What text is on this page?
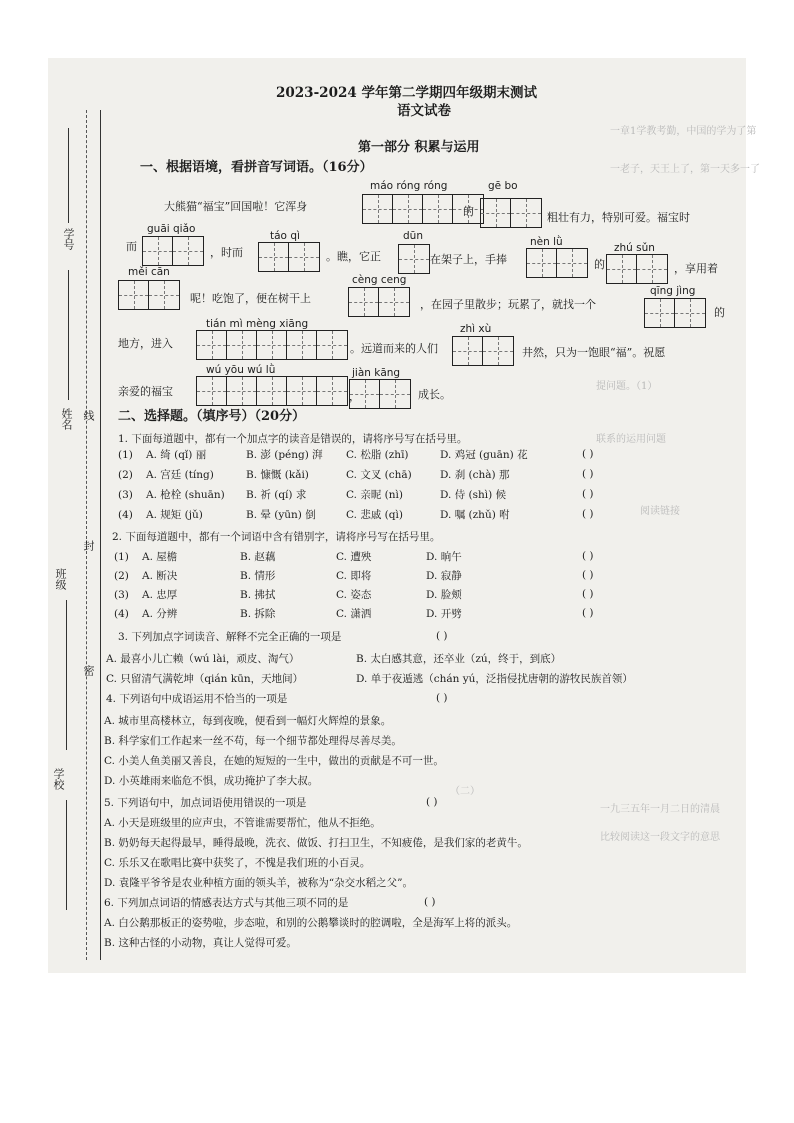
一章1学教考勤，中国的学为了第
一老子，天王上了，第一天多一了
提问题。（1）
联系的运用问题
阅读链接
（二）
一九三五年一月二日的清晨
比较阅读这一段文字的意思
学号
姓名 线
封
班级
密
学校
2023-2024 学年第二学期四年级期末测试
语文试卷
第一部分 积累与运用
一、根据语境，看拼音写词语。（16分）
máo róng róng	gē bo
大熊猫“福宝”回国啦！它浑身	的	粗壮有力，特别可爱。福宝时
guāi qiǎo
táo qì	dūn	nèn lǜ	zhú sǔn
而	，时而	。瞧，它正	在架子上，手捧	的	，享用着
měi cān
cèng ceng
qīng jìng
呢！吃饱了，便在树干上	，在园子里散步；玩累了，就找一个
的
tián mì mèng xiāng	zhì xù
地方，进入	。远道而来的人们	井然，只为一饱眼“福”。祝愿
wú yōu wú lǜ	jiàn kāng
亲爱的福宝	，	成长。
二、选择题。（填序号）（20分）
1. 下面每道题中，都有一个加点字的读音是错误的，请将序号写在括号里。
(1) A. 绮 (qǐ) 丽	B. 澎 (péng) 湃 C. 松脂 (zhī)	D. 鸡冠 (guān) 花	( )
(2) A. 宫廷 (tíng)	B. 慷慨 (kǎi)	C. 文叉 (chā)	D. 刹 (chà) 那	( )
(3) A. 枪栓 (shuān) B. 祈 (qí) 求	C. 亲昵 (nì)	D. 侍 (shì) 候	( )
(4) A. 规矩 (jǔ)	B. 晕 (yūn) 倒	C. 悲戚 (qì)	D. 嘱 (zhǔ) 咐	( )
2. 下面每道题中，都有一个词语中含有错别字，请将序号写在括号里。
(1) A. 屋檐	B. 赵藕	C. 遭殃	D. 晌午	( )
(2) A. 断决	B. 情形	C. 即将	D. 寂静	( )
(3) A. 忠厚	B. 拂拭	C. 姿态	D. 脸颊	( )
(4) A. 分辨	B. 拆除	C. 潇洒	D. 开劈	( )
3. 下列加点字词读音、解释不完全正确的一项是	( )
A. 最喜小儿亡赖（wú lài，顽皮、淘气）	B. 太白感其意，还卒业（zú，终于，到底）
C. 只留清气满乾坤（qián kūn，天地间）	D. 单于夜遁逃（chán yú，泛指侵扰唐朝的游牧民族首领）
4. 下列语句中成语运用不恰当的一项是	( )
A. 城市里高楼林立，每到夜晚，便看到一幅灯火辉煌的景象。
B. 科学家们工作起来一丝不苟，每一个细节都处理得尽善尽美。
C. 小美人鱼美丽又善良，在她的短短的一生中，做出的贡献是不可一世。
D. 小英雄雨来临危不惧，成功掩护了李大叔。
5. 下列语句中，加点词语使用错误的一项是	( )
A. 小天是班级里的应声虫，不管谁需要帮忙，他从不拒绝。
B. 奶奶每天起得最早，睡得最晚，洗衣、做饭、打扫卫生，不知疲倦，是我们家的老黄牛。
C. 乐乐又在歌唱比赛中获奖了，不愧是我们班的小百灵。
D. 袁隆平爷爷是农业种植方面的领头羊，被称为“杂交水稻之父”。
6. 下列加点词语的情感表达方式与其他三项不同的是	( )
A. 白公鹅那板正的姿势啦，步态啦，和别的公鹅攀谈时的腔调啦，全是海军上将的派头。
B. 这种古怪的小动物，真让人觉得可爱。
